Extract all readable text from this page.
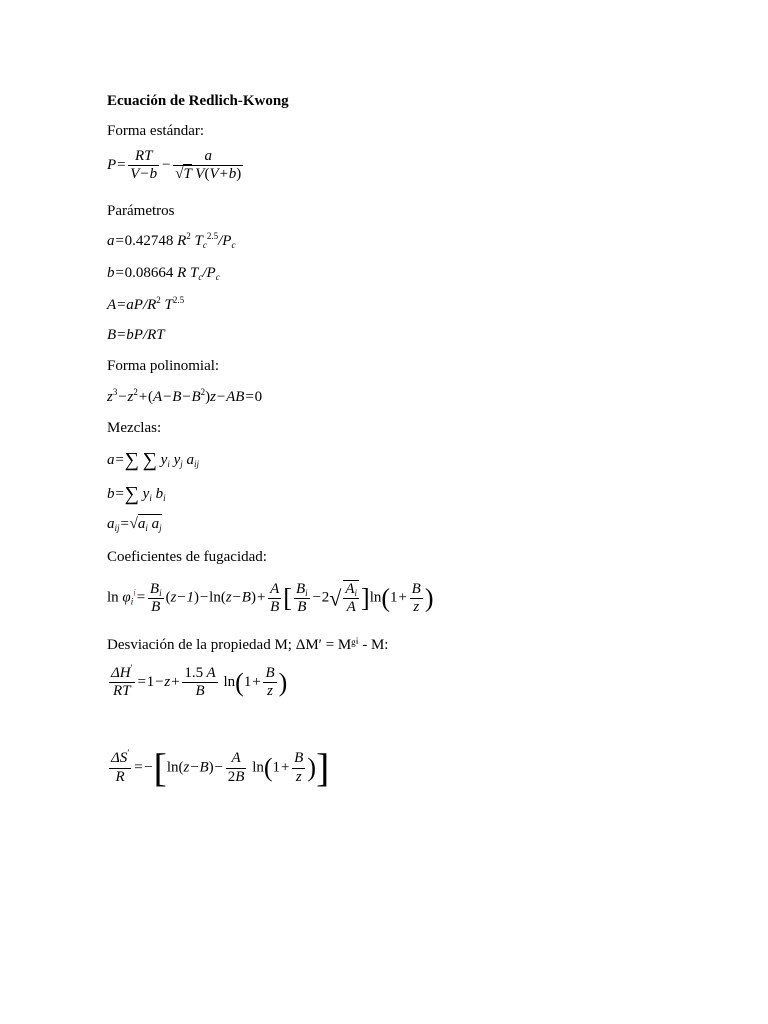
Ecuación de Redlich-Kwong
Forma estándar:
$P= \frac{RT}{V-b} - \frac{a}{\text{√T V(V+b)}}$
Parámetros
a=0.42748 $R^2$ $T_c^{2.5}/P_c$
b=0.08664 R $T_c/P_c$
$A=aP/R^2$ $T^{2.5}$
B=bP/RT
Forma polinomial:
$z^3-z^2+(A-B-B^2)z-AB=0$
Mezclas:
a=∑ ∑ $y_i$ $y_j$ $a_{ij}$
b=∑ $y_i$ $b_i$
$a_{ij}=√a_i$ $a_j$
Coeficientes de fugacidad:
$\ln \varphi_i^i= \frac{B_i}{B} (z-1)-\ln(z-B)+ \frac{A}{B}$ [ $\frac{B_i}{B} -2√ \frac{A_i}{A} ]\ln(1+ \frac{B}{z}$ )
Desviación de la propiedad M; ΔM′ = Mᵍⁱ - M:
$\frac{\Delta H'}{RT} =1-z+ \frac{1.5 A}{B} \ln(1+ \frac{B}{z}$ )
$\frac{\Delta S'}{R} =-[\ln(z-B)- \frac{A}{2B} \ln(1+ \frac{B}{z}$ )]
